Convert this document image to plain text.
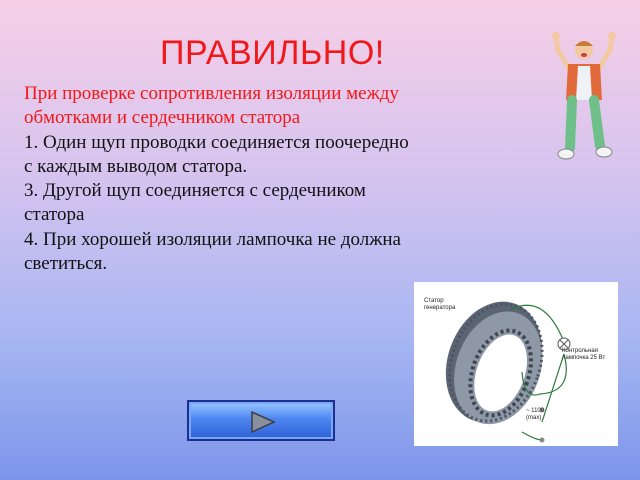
ПРАВИЛЬНО!
При проверке сопротивления изоляции между обмотками и сердечником статора
1. Один щуп проводки соединяется поочередно с каждым выводом статора.
3. Другой щуп соединяется с сердечником статора
4. При хорошей изоляции лампочка не должна светиться.
Статор
генератора
Контрольная
лампочка 25 Вт
~ 1100
(max)
